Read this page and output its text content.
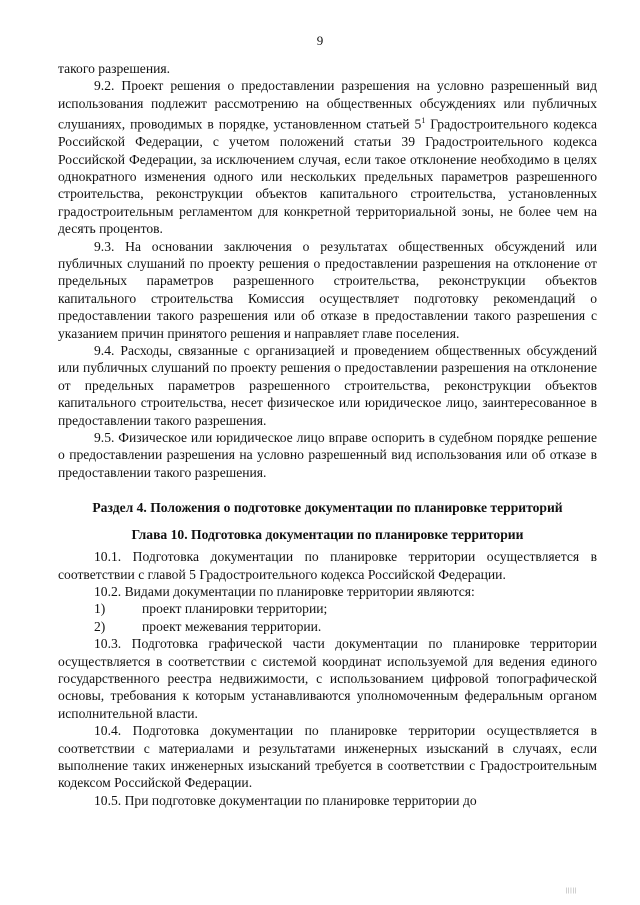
9

такого разрешения.

9.2. Проект решения о предоставлении разрешения на условно разрешенный вид использования подлежит рассмотрению на общественных обсуждениях или публичных слушаниях, проводимых в порядке, установленном статьей $5^1$ Градостроительного кодекса Российской Федерации, с учетом положений статьи 39 Градостроительного кодекса Российской Федерации, за исключением случая, если такое отклонение необходимо в целях однократного изменения одного или нескольких предельных параметров разрешенного строительства, реконструкции объектов капитального строительства, установленных градостроительным регламентом для конкретной территориальной зоны, не более чем на десять процентов.

9.3. На основании заключения о результатах общественных обсуждений или публичных слушаний по проекту решения о предоставлении разрешения на отклонение от предельных параметров разрешенного строительства, реконструкции объектов капитального строительства Комиссия осуществляет подготовку рекомендаций о предоставлении такого разрешения или об отказе в предоставлении такого разрешения с указанием причин принятого решения и направляет главе поселения.

9.4. Расходы, связанные с организацией и проведением общественных обсуждений или публичных слушаний по проекту решения о предоставлении разрешения на отклонение от предельных параметров разрешенного строительства, реконструкции объектов капитального строительства, несет физическое или юридическое лицо, заинтересованное в предоставлении такого разрешения.

9.5. Физическое или юридическое лицо вправе оспорить в судебном порядке решение о предоставлении разрешения на условно разрешенный вид использования или об отказе в предоставлении такого разрешения.

Раздел 4. Положения о подготовке документации по планировке территорий

Глава 10. Подготовка документации по планировке территории

10.1. Подготовка документации по планировке территории осуществляется в соответствии с главой 5 Градостроительного кодекса Российской Федерации.

10.2. Видами документации по планировке территории являются:

1)	проект планировки территории;
2)	проект межевания территории.

10.3. Подготовка графической части документации по планировке территории осуществляется в соответствии с системой координат используемой для ведения единого государственного реестра недвижимости, с использованием цифровой топографической основы, требования к которым устанавливаются уполномоченным федеральным органом исполнительной власти.

10.4. Подготовка документации по планировке территории осуществляется в соответствии с материалами и результатами инженерных изысканий в случаях, если выполнение таких инженерных изысканий требуется в соответствии с Градостроительным кодексом Российской Федерации.

10.5. При подготовке документации по планировке территории до

|||||
